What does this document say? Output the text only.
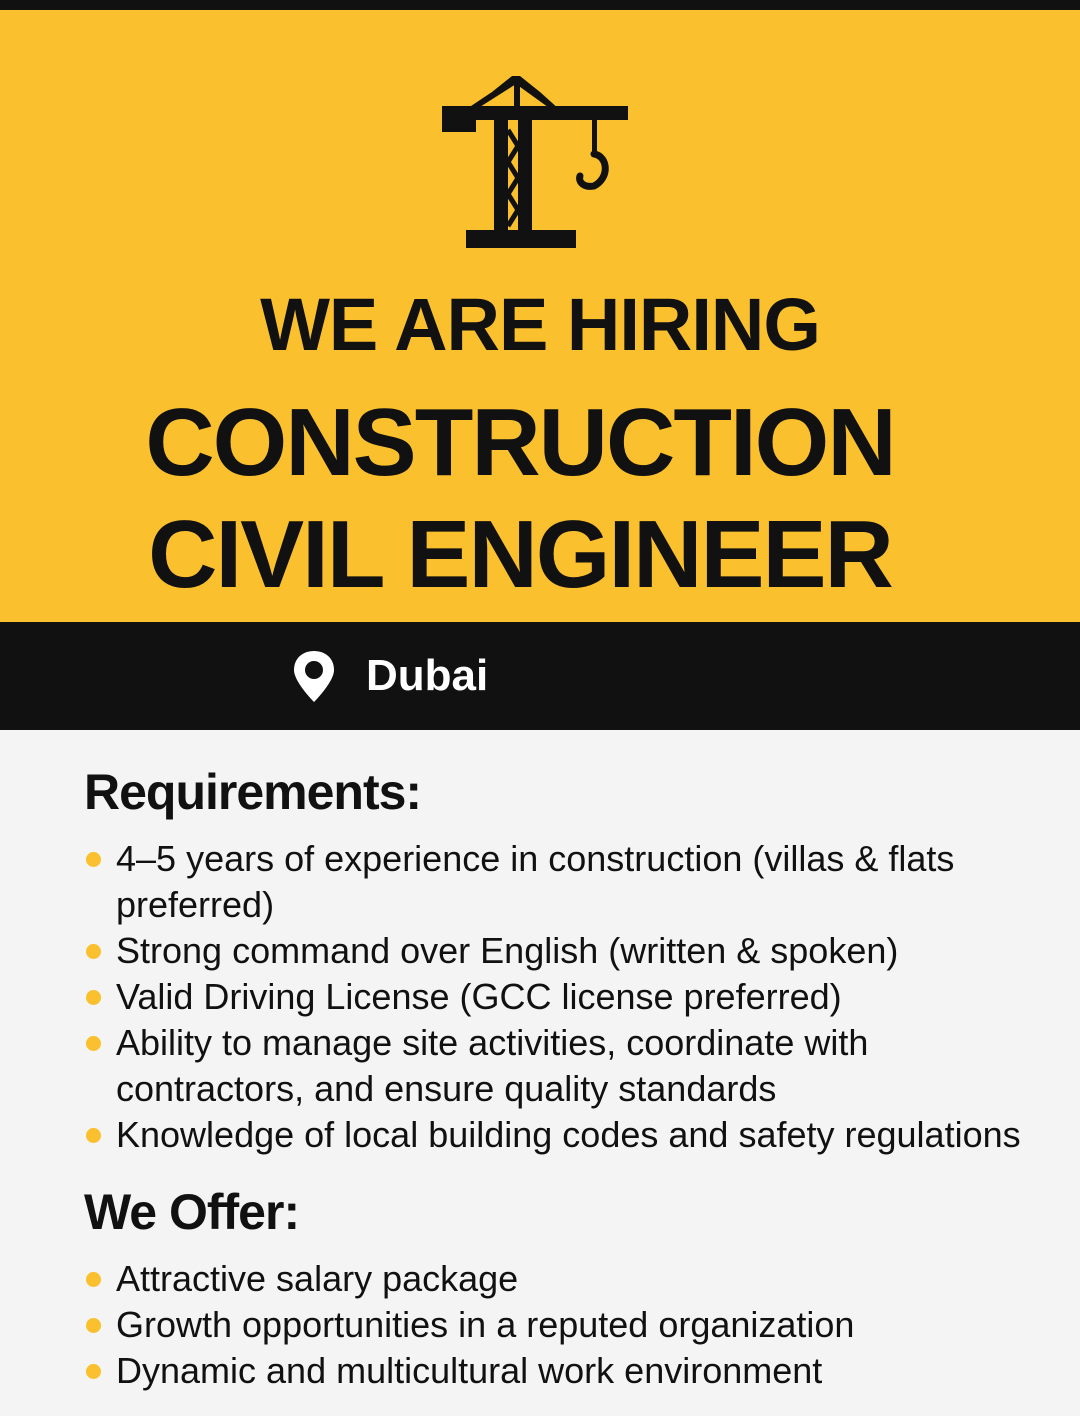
WE ARE HIRING
CONSTRUCTION
CIVIL ENGINEER
Dubai
Requirements:
4–5 years of experience in construction (villas & flats preferred)
Strong command over English (written & spoken)
Valid Driving License (GCC license preferred)
Ability to manage site activities, coordinate with contractors, and ensure quality standards
Knowledge of local building codes and safety regulations
We Offer:
Attractive salary package
Growth opportunities in a reputed organization
Dynamic and multicultural work environment
